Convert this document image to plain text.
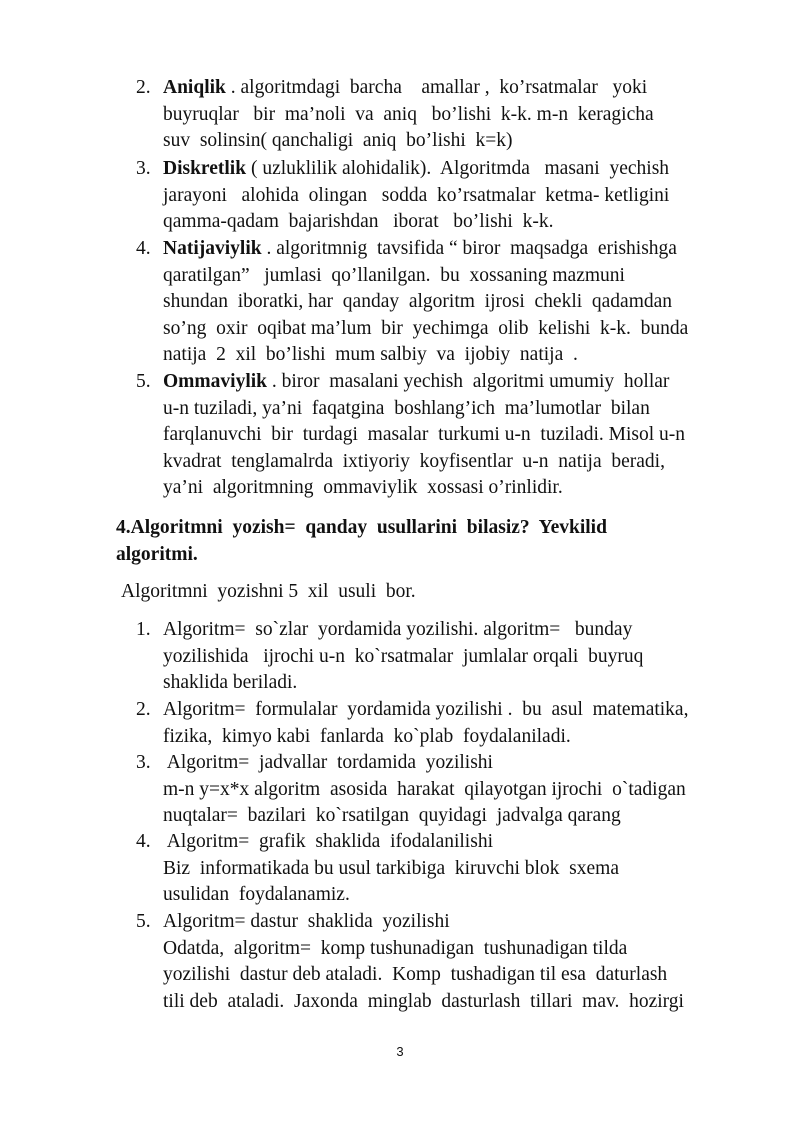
2. Aniqlik . algoritmdagi  barcha    amallar ,  ko’rsatmalar   yoki
buyruqlar   bir  ma’noli  va  aniq   bo’lishi  k-k. m-n  keragicha
suv  solinsin( qanchaligi  aniq  bo’lishi  k=k)
3. Diskretlik ( uzluklilik alohidalik).  Algoritmda   masani  yechish
jarayoni   alohida  olingan   sodda  ko’rsatmalar  ketma- ketligini
qamma-qadam  bajarishdan   iborat   bo’lishi  k-k.
4. Natijaviylik . algoritmnig  tavsifida “ biror  maqsadga  erishishga
qaratilgan”   jumlasi  qo’llanilgan.  bu  xossaning mazmuni
shundan  iboratki, har  qanday  algoritm  ijrosi  chekli  qadamdan
so’ng  oxir  oqibat ma’lum  bir  yechimga  olib  kelishi  k-k.  bunda
natija  2  xil  bo’lishi  mum salbiy  va  ijobiy  natija  .
5. Ommaviylik . biror  masalani yechish  algoritmi umumiy  hollar
u-n tuziladi, ya’ni  faqatgina  boshlang’ich  ma’lumotlar  bilan
farqlanuvchi  bir  turdagi  masalar  turkumi u-n  tuziladi. Misol u-n
kvadrat  tenglamalrda  ixtiyoriy  koyfisentlar  u-n  natija  beradi,
ya’ni  algoritmning  ommaviylik  xossasi o’rinlidir.
4.Algoritmni  yozish=  qanday  usullarini  bilasiz?  Yevkilid
algoritmi.
Algoritmni  yozishni 5  xil  usuli  bor.
1. Algoritm=  so`zlar  yordamida yozilishi. algoritm=   bunday
yozilishida   ijrochi u-n  ko`rsatmalar  jumlalar orqali  buyruq
shaklida beriladi.
2. Algoritm=  formulalar  yordamida yozilishi .  bu  asul  matematika,
fizika,  kimyo kabi  fanlarda  ko`plab  foydalaniladi.
3. Algoritm=  jadvallar  tordamida  yozilishi
m-n y=x*x algoritm  asosida  harakat  qilayotgan ijrochi  o`tadigan
nuqtalar=  bazilari  ko`rsatilgan  quyidagi  jadvalga qarang
4. Algoritm=  grafik  shaklida  ifodalanilishi
Biz  informatikada bu usul tarkibiga  kiruvchi blok  sxema
usulidan  foydalanamiz.
5. Algoritm= dastur  shaklida  yozilishi
Odatda,  algoritm=  komp tushunadigan  tushunadigan tilda
yozilishi  dastur deb ataladi.  Komp  tushadigan til esa  daturlash
tili deb  ataladi.  Jaxonda  minglab  dasturlash  tillari  mav.  hozirgi
3
